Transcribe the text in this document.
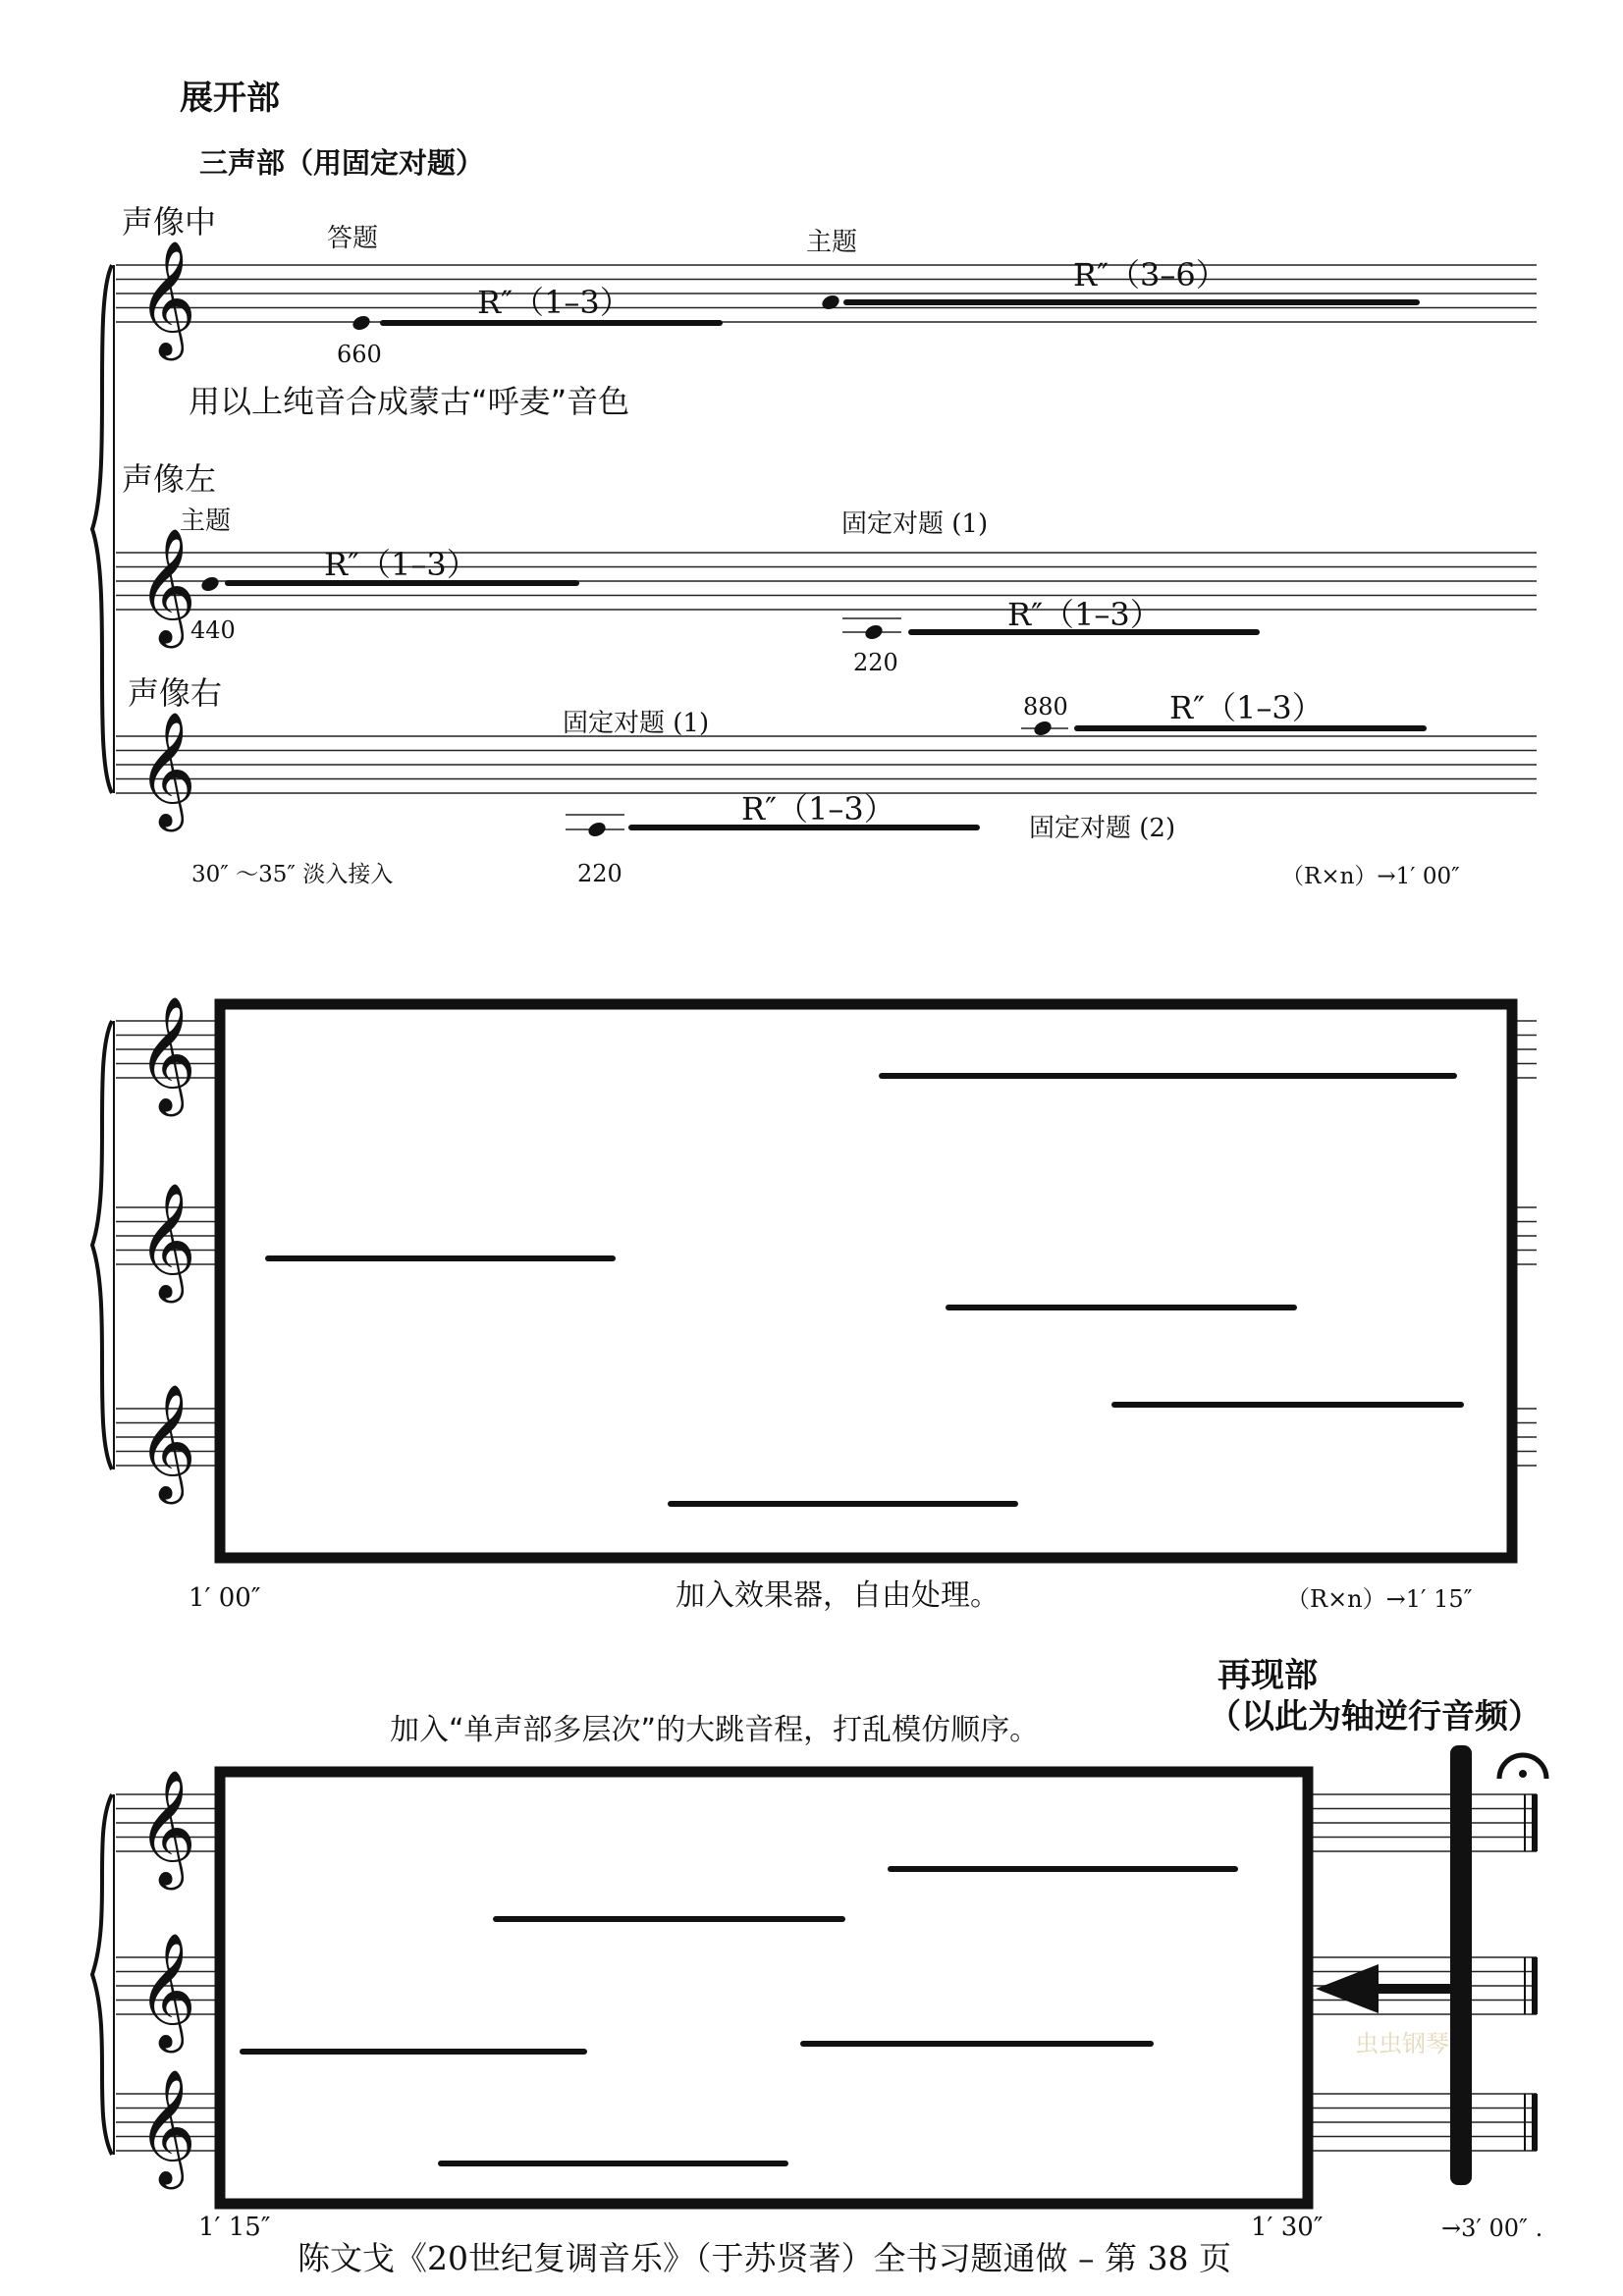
𝄞
𝄞
𝄞
𝄞
𝄞
𝄞
𝄞
𝄞
𝄞
展开部
三声部（用固定对题）
声像中	答题
660
R″（1–3）
主题
R″（3–6）
用以上纯音合成蒙古“呼麦”音色
声像左
主题
440
R″（1–3）
固定对题 (1)
220
R″（1–3）
声像右
固定对题 (1)
220
R″（1–3）
880	R″（1–3）
固定对题 (2)
30″ ～35″ 淡入接入	（R×n）→1′ 00″
1′ 00″	加入效果器，自由处理。	（R×n）→1′ 15″
加入“单声部多层次”的大跳音程，打乱模仿顺序。
再现部
（以此为轴逆行音频）
1′ 15″	1′ 30″	→3′ 00″ .
虫虫钢琴
陈文戈《20世纪复调音乐》（于苏贤著）全书习题通做 – 第 38 页
